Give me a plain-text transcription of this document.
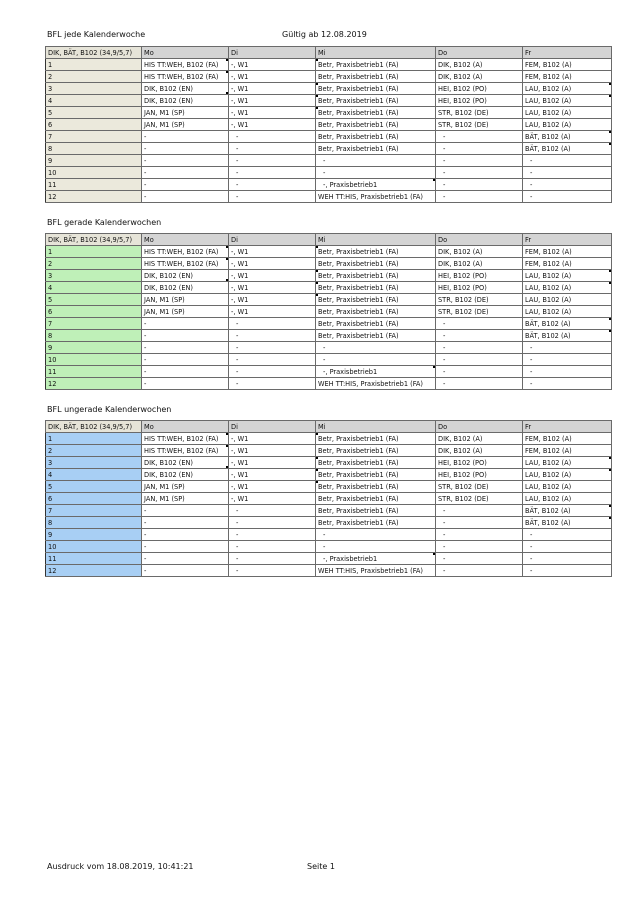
BFL jede Kalenderwoche	Gültig ab 12.08.2019
BFL gerade Kalenderwochen
BFL ungerade Kalenderwochen
DIK, BÄT, B102 (34,9/5,7)	Mo	Di	Mi	Do	Fr
1	HIS TT:WEH, B102 (FA)	-, W1	Betr, Praxisbetrieb1 (FA)	DIK, B102 (A)	FEM, B102 (A)
2	HIS TT:WEH, B102 (FA)	-, W1	Betr, Praxisbetrieb1 (FA)	DIK, B102 (A)	FEM, B102 (A)
3	DIK, B102 (EN)	-, W1	Betr, Praxisbetrieb1 (FA)	HEI, B102 (PO)	LAU, B102 (A)

4	DIK, B102 (EN)	-, W1	Betr, Praxisbetrieb1 (FA)	HEI, B102 (PO)	LAU, B102 (A)

5	JAN, M1 (SP)	-, W1	Betr, Praxisbetrieb1 (FA)	STR, B102 (DE)	LAU, B102 (A)
6	JAN, M1 (SP)	-, W1	Betr, Praxisbetrieb1 (FA)	STR, B102 (DE)	LAU, B102 (A)
7	-	-	Betr, Praxisbetrieb1 (FA)	-	BÄT, B102 (A)

8	-	-	Betr, Praxisbetrieb1 (FA)	-	BÄT, B102 (A)

9	-	-	-	-	-
10	-	-	-	-	-
11	-	-	-, Praxisbetrieb1	-	-
12	-	-	WEH TT:HIS, Praxisbetrieb1 (FA)	-	-
DIK, BÄT, B102 (34,9/5,7)	Mo	Di	Mi	Do	Fr
1	HIS TT:WEH, B102 (FA)	-, W1	Betr, Praxisbetrieb1 (FA)	DIK, B102 (A)	FEM, B102 (A)
2	HIS TT:WEH, B102 (FA)	-, W1	Betr, Praxisbetrieb1 (FA)	DIK, B102 (A)	FEM, B102 (A)
3	DIK, B102 (EN)	-, W1	Betr, Praxisbetrieb1 (FA)	HEI, B102 (PO)	LAU, B102 (A)

4	DIK, B102 (EN)	-, W1	Betr, Praxisbetrieb1 (FA)	HEI, B102 (PO)	LAU, B102 (A)

5	JAN, M1 (SP)	-, W1	Betr, Praxisbetrieb1 (FA)	STR, B102 (DE)	LAU, B102 (A)
6	JAN, M1 (SP)	-, W1	Betr, Praxisbetrieb1 (FA)	STR, B102 (DE)	LAU, B102 (A)
7	-	-	Betr, Praxisbetrieb1 (FA)	-	BÄT, B102 (A)

8	-	-	Betr, Praxisbetrieb1 (FA)	-	BÄT, B102 (A)

9	-	-	-	-	-
10	-	-	-	-	-
11	-	-	-, Praxisbetrieb1	-	-
12	-	-	WEH TT:HIS, Praxisbetrieb1 (FA)	-	-
DIK, BÄT, B102 (34,9/5,7)	Mo	Di	Mi	Do	Fr
1	HIS TT:WEH, B102 (FA)	-, W1	Betr, Praxisbetrieb1 (FA)	DIK, B102 (A)	FEM, B102 (A)
2	HIS TT:WEH, B102 (FA)	-, W1	Betr, Praxisbetrieb1 (FA)	DIK, B102 (A)	FEM, B102 (A)
3	DIK, B102 (EN)	-, W1	Betr, Praxisbetrieb1 (FA)	HEI, B102 (PO)	LAU, B102 (A)

4	DIK, B102 (EN)	-, W1	Betr, Praxisbetrieb1 (FA)	HEI, B102 (PO)	LAU, B102 (A)

5	JAN, M1 (SP)	-, W1	Betr, Praxisbetrieb1 (FA)	STR, B102 (DE)	LAU, B102 (A)
6	JAN, M1 (SP)	-, W1	Betr, Praxisbetrieb1 (FA)	STR, B102 (DE)	LAU, B102 (A)
7	-	-	Betr, Praxisbetrieb1 (FA)	-	BÄT, B102 (A)

8	-	-	Betr, Praxisbetrieb1 (FA)	-	BÄT, B102 (A)

9	-	-	-	-	-
10	-	-	-	-	-
11	-	-	-, Praxisbetrieb1	-	-
12	-	-	WEH TT:HIS, Praxisbetrieb1 (FA)	-	-
Ausdruck vom 18.08.2019, 10:41:21	Seite 1
